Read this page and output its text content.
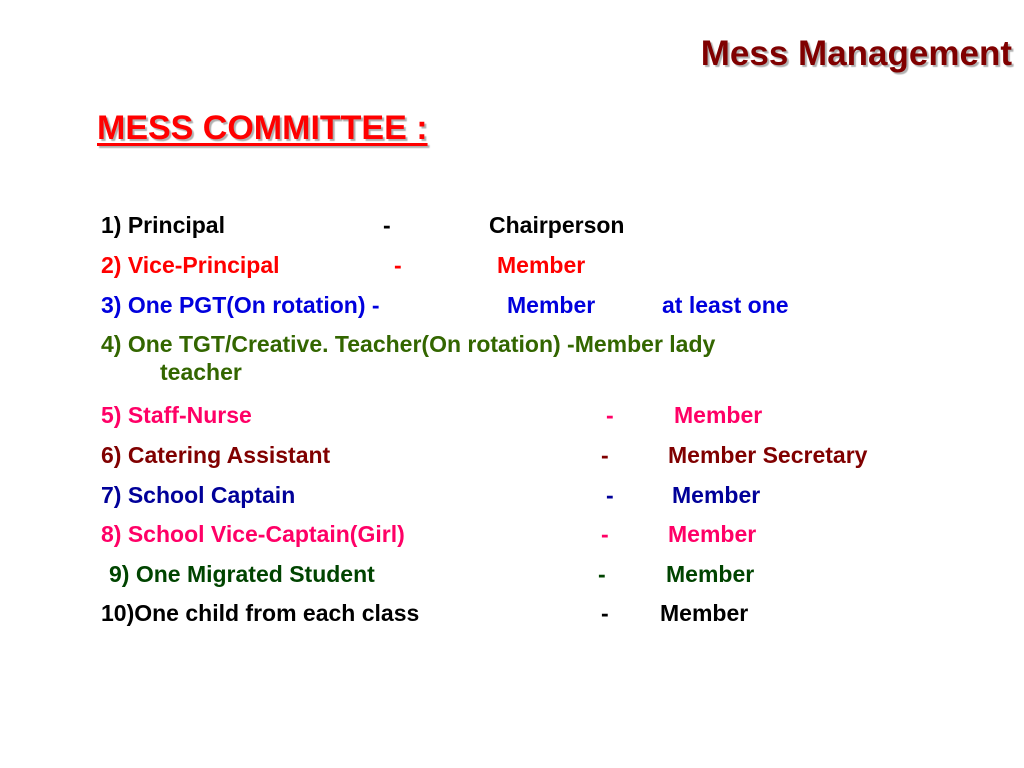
Mess Management
MESS COMMITTEE :
1) Principal	-	Chairperson
2) Vice-Principal	-	Member
3) One PGT(On rotation) -	Member	at least one
4) One TGT/Creative. Teacher(On rotation) -Member lady
teacher
5) Staff-Nurse	-	Member
6) Catering Assistant	-	Member Secretary
7) School Captain	-	Member
8) School Vice-Captain(Girl)	-	Member
9) One Migrated Student	-	Member
10)One child from each class	- Member
